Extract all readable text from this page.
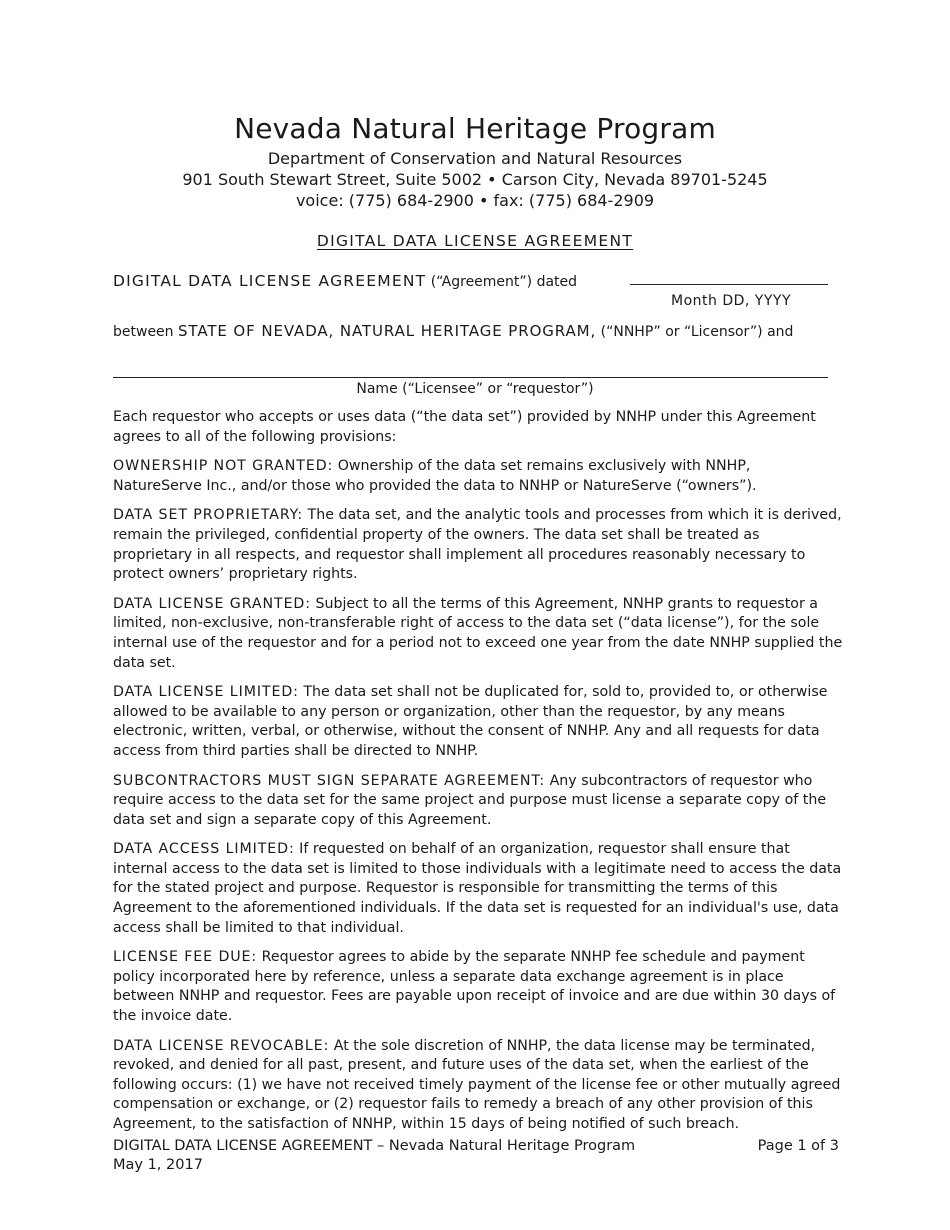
Nevada Natural Heritage Program
Department of Conservation and Natural Resources
901 South Stewart Street, Suite 5002 • Carson City, Nevada 89701-5245
voice: (775) 684-2900 • fax: (775) 684-2909
DIGITAL DATA LICENSE AGREEMENT
DIGITAL DATA LICENSE AGREEMENT (“Agreement”) dated
Month DD, YYYY
between STATE OF NEVADA, NATURAL HERITAGE PROGRAM, (“NNHP” or “Licensor”) and
Name (“Licensee” or “requestor”)

Each requestor who accepts or uses data (“the data set”) provided by NNHP under this Agreement agrees to all of the following provisions:

OWNERSHIP NOT GRANTED: Ownership of the data set remains exclusively with NNHP, NatureServe Inc., and/or those who provided the data to NNHP or NatureServe (“owners”).

DATA SET PROPRIETARY: The data set, and the analytic tools and processes from which it is derived, remain the privileged, confidential property of the owners. The data set shall be treated as proprietary in all respects, and requestor shall implement all procedures reasonably necessary to protect owners’ proprietary rights.

DATA LICENSE GRANTED: Subject to all the terms of this Agreement, NNHP grants to requestor a limited, non-exclusive, non-transferable right of access to the data set (“data license”), for the sole internal use of the requestor and for a period not to exceed one year from the date NNHP supplied the data set.

DATA LICENSE LIMITED: The data set shall not be duplicated for, sold to, provided to, or otherwise allowed to be available to any person or organization, other than the requestor, by any means electronic, written, verbal, or otherwise, without the consent of NNHP. Any and all requests for data access from third parties shall be directed to NNHP.

SUBCONTRACTORS MUST SIGN SEPARATE AGREEMENT: Any subcontractors of requestor who require access to the data set for the same project and purpose must license a separate copy of the data set and sign a separate copy of this Agreement.

DATA ACCESS LIMITED: If requested on behalf of an organization, requestor shall ensure that internal access to the data set is limited to those individuals with a legitimate need to access the data for the stated project and purpose. Requestor is responsible for transmitting the terms of this Agreement to the aforementioned individuals. If the data set is requested for an individual's use, data access shall be limited to that individual.

LICENSE FEE DUE: Requestor agrees to abide by the separate NNHP fee schedule and payment policy incorporated here by reference, unless a separate data exchange agreement is in place between NNHP and requestor. Fees are payable upon receipt of invoice and are due within 30 days of the invoice date.

DATA LICENSE REVOCABLE: At the sole discretion of NNHP, the data license may be terminated, revoked, and denied for all past, present, and future uses of the data set, when the earliest of the following occurs: (1) we have not received timely payment of the license fee or other mutually agreed compensation or exchange, or (2) requestor fails to remedy a breach of any other provision of this Agreement, to the satisfaction of NNHP, within 15 days of being notified of such breach.

DIGITAL DATA LICENSE AGREEMENT – Nevada Natural Heritage Program	Page 1 of 3
May 1, 2017
